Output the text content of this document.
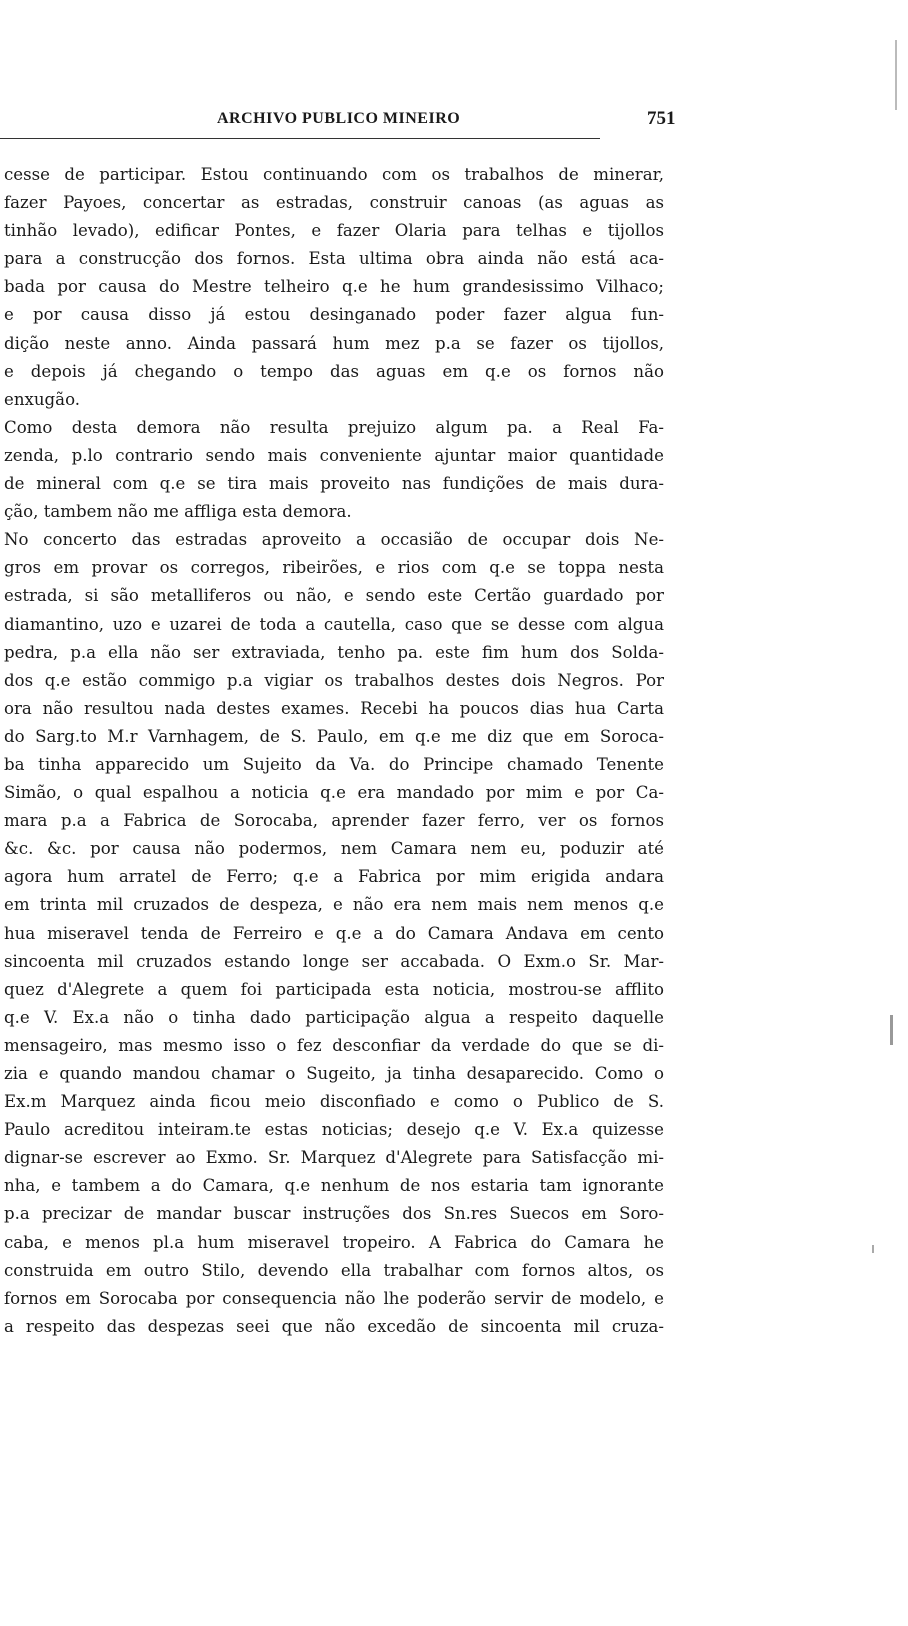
ARCHIVO PUBLICO MINEIRO	751
cesse de participar. Estou continuando com os trabalhos de minerar,
fazer Payoes, concertar as estradas, construir canoas (as aguas as
tinhão levado), edificar Pontes, e fazer Olaria para telhas e tijollos
para a construcção dos fornos. Esta ultima obra ainda não está aca-
bada por causa do Mestre telheiro q.e he hum grandesissimo Vilhaco;
e por causa disso já estou desinganado poder fazer algua fun-
dição neste anno. Ainda passará hum mez p.a se fazer os tijollos,
e depois já chegando o tempo das aguas em q.e os fornos não
enxugão.
Como desta demora não resulta prejuizo algum pa. a Real Fa-
zenda, p.lo contrario sendo mais conveniente ajuntar maior quantidade
de mineral com q.e se tira mais proveito nas fundições de mais dura-
ção, tambem não me affliga esta demora.
No concerto das estradas aproveito a occasião de occupar dois Ne-
gros em provar os corregos, ribeirões, e rios com q.e se toppa nesta
estrada, si são metalliferos ou não, e sendo este Certão guardado por
diamantino, uzo e uzarei de toda a cautella, caso que se desse com algua
pedra, p.a ella não ser extraviada, tenho pa. este fim hum dos Solda-
dos q.e estão commigo p.a vigiar os trabalhos destes dois Negros. Por
ora não resultou nada destes exames. Recebi ha poucos dias hua Carta
do Sarg.to M.r Varnhagem, de S. Paulo, em q.e me diz que em Soroca-
ba tinha apparecido um Sujeito da Va. do Principe chamado Tenente
Simão, o qual espalhou a noticia q.e era mandado por mim e por Ca-
mara p.a a Fabrica de Sorocaba, aprender fazer ferro, ver os fornos
&c. &c. por causa não podermos, nem Camara nem eu, poduzir até
agora hum arratel de Ferro; q.e a Fabrica por mim erigida andara
em trinta mil cruzados de despeza, e não era nem mais nem menos q.e
hua miseravel tenda de Ferreiro e q.e a do Camara Andava em cento
sincoenta mil cruzados estando longe ser accabada. O Exm.o Sr. Mar-
quez d'Alegrete a quem foi participada esta noticia, mostrou-se afflito
q.e V. Ex.a não o tinha dado participação algua a respeito daquelle
mensageiro, mas mesmo isso o fez desconfiar da verdade do que se di-
zia e quando mandou chamar o Sugeito, ja tinha desaparecido. Como o
Ex.m Marquez ainda ficou meio disconfiado e como o Publico de S.
Paulo acreditou inteiram.te estas noticias; desejo q.e V. Ex.a quizesse
dignar-se escrever ao Exmo. Sr. Marquez d'Alegrete para Satisfacção mi-
nha, e tambem a do Camara, q.e nenhum de nos estaria tam ignorante
p.a precizar de mandar buscar instruções dos Sn.res Suecos em Soro-
caba, e menos pl.a hum miseravel tropeiro. A Fabrica do Camara he
construida em outro Stilo, devendo ella trabalhar com fornos altos, os
fornos em Sorocaba por consequencia não lhe poderão servir de modelo, e
a respeito das despezas seei que não excedão de sincoenta mil cruza-
